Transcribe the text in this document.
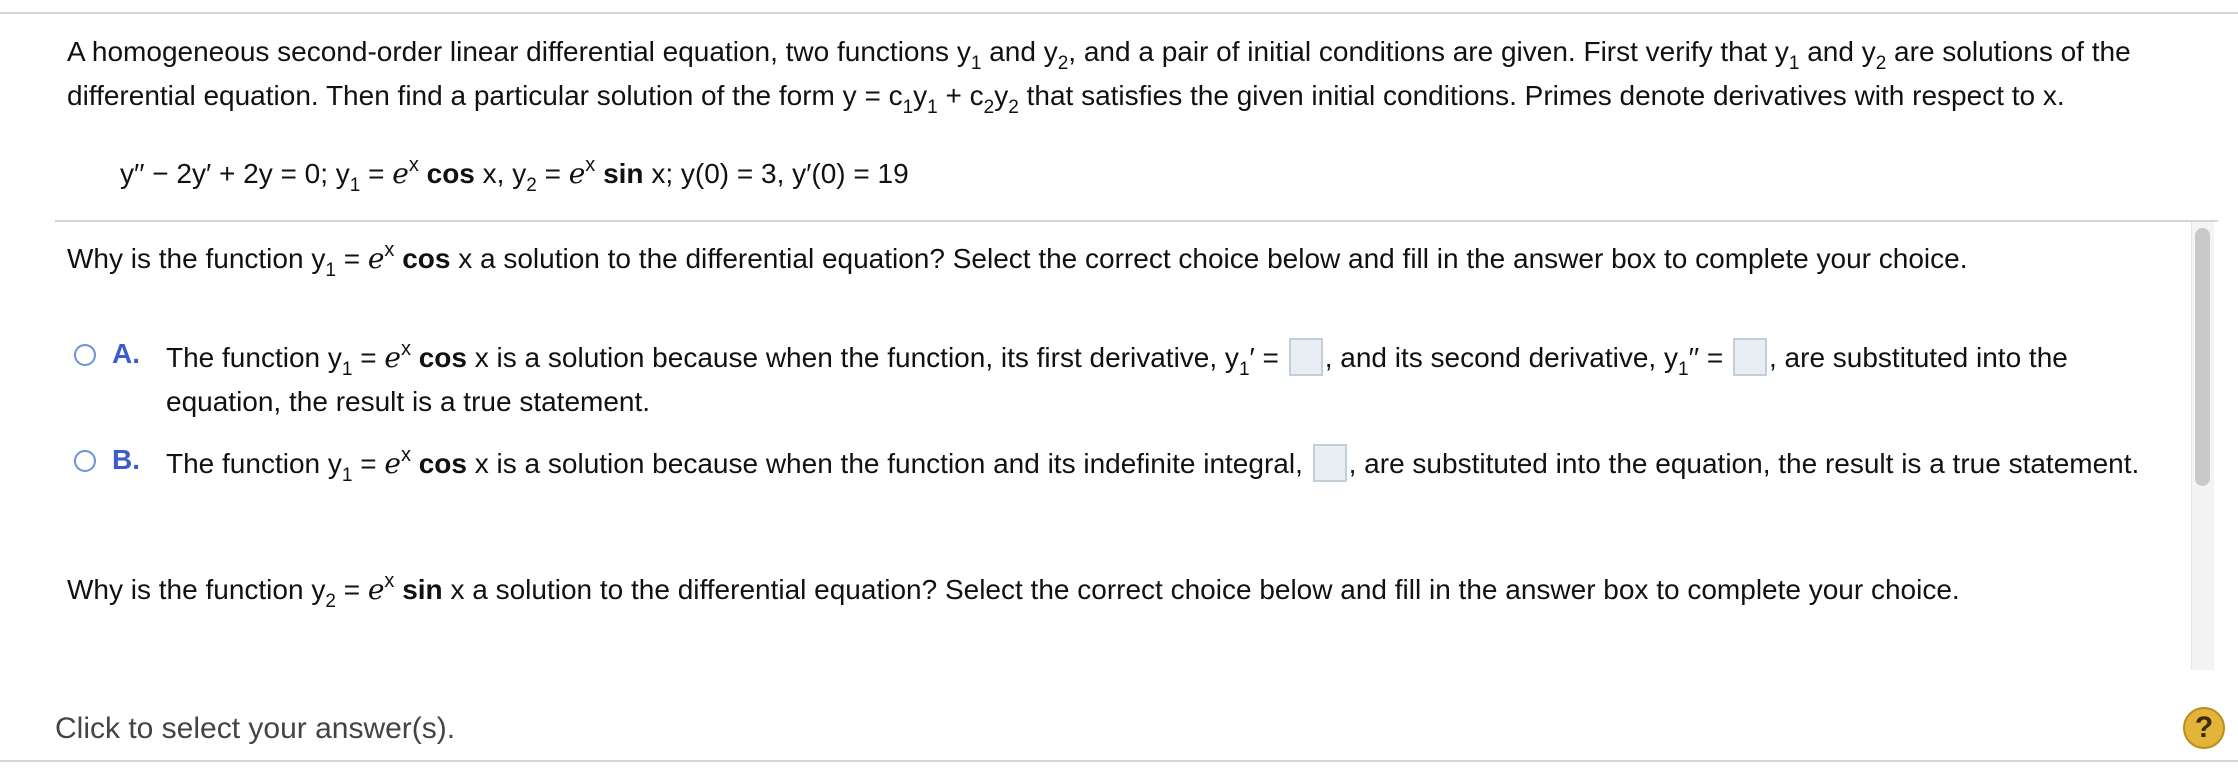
A homogeneous second-order linear differential equation, two functions $y_1$ and $y_2$, and a pair of initial conditions are given. First verify that $y_1$ and $y_2$ are solutions of the differential equation. Then find a particular solution of the form $y = c_1y_1 + c_2y_2$ that satisfies the given initial conditions. Primes denote derivatives with respect to x.

y′′ − 2y′ + 2y = 0; $y_1 = e^x$ cos x, $y_2 = e^x$ sin x; y(0) = 3, y′(0) = 19
Why is the function $y_1 = e^x$ cos x a solution to the differential equation? Select the correct choice below and fill in the answer box to complete your choice.
A. The function $y_1 = e^x$ cos x is a solution because when the function, its first derivative, $y_1'$ = , and its second derivative, $y_1''$ = , are substituted into the equation, the result is a true statement.
B. The function $y_1 = e^x$ cos x is a solution because when the function and its indefinite integral, , are substituted into the equation, the result is a true statement.
Why is the function $y_2 = e^x$ sin x a solution to the differential equation? Select the correct choice below and fill in the answer box to complete your choice.
Click to select your answer(s).	?
